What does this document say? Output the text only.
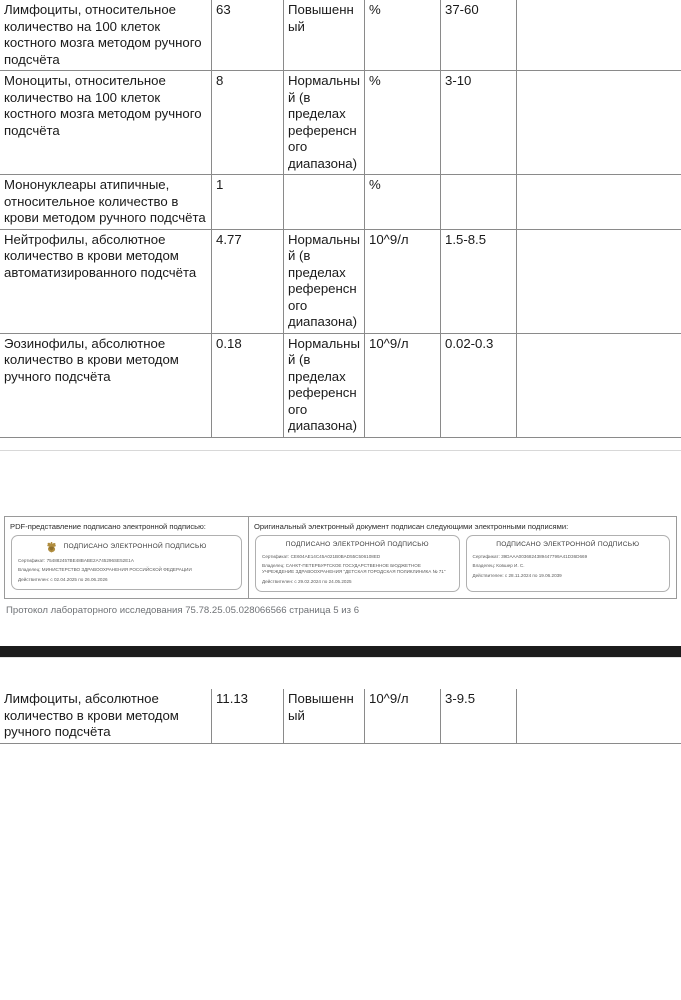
Лимфоциты, относительное количество на 100 клеток костного мозга методом ручного подсчёта	63	Повышенный	%	37-60	
Моноциты, относительное количество на 100 клеток костного мозга методом ручного подсчёта	8	Нормальный (в пределах референсного диапазона)	%	3-10	
Мононуклеары атипичные, относительное количество в крови методом ручного подсчёта	1		%		
Нейтрофилы, абсолютное количество в крови методом автоматизированного подсчёта	4.77	Нормальный (в пределах референсного диапазона)	10^9/л	1.5-8.5	
Эозинофилы, абсолютное количество в крови методом ручного подсчёта	0.18	Нормальный (в пределах референсного диапазона)	10^9/л	0.02-0.3	
PDF-представление подписано электронной подписью:
ПОДПИСАНО ЭЛЕКТРОННОЙ ПОДПИСЬЮ
Сертификат: 754882457BE48BABE2A745296SE52E1A
Владелец: МИНИСТЕРСТВО ЗДРАВООХРАНЕНИЯ РОССИЙСКОЙ ФЕДЕРАЦИИ
Действителен: с 02.04.2025 по 26.06.2026
Оригинальный электронный документ подписан следующими электронными подписями:
ПОДПИСАНО ЭЛЕКТРОННОЙ ПОДПИСЬЮ
Сертификат: CE604AE14C45A021B0BAD55C506108ED
Владелец: САНКТ-ПЕТЕРБУРГСКОЕ ГОСУДАРСТВЕННОЕ БЮДЖЕТНОЕ УЧРЕЖДЕНИЕ ЗДРАВООХРАНЕНИЯ "ДЕТСКАЯ ГОРОДСКАЯ ПОЛИКЛИНИКА № 71"
Действителен: с 29.02.2024 по 24.05.2025
ПОДПИСАНО ЭЛЕКТРОННОЙ ПОДПИСЬЮ
Сертификат: 39DAAA0036824389447799A41D36D669
Владелец: Ковшер И. С.
Действителен: с 28.11.2024 по 19.06.2039
Протокол лабораторного исследования 75.78.25.05.028066566 страница 5 из 6
Лимфоциты, абсолютное количество в крови методом ручного подсчёта	11.13	Повышенный	10^9/л	3-9.5	
